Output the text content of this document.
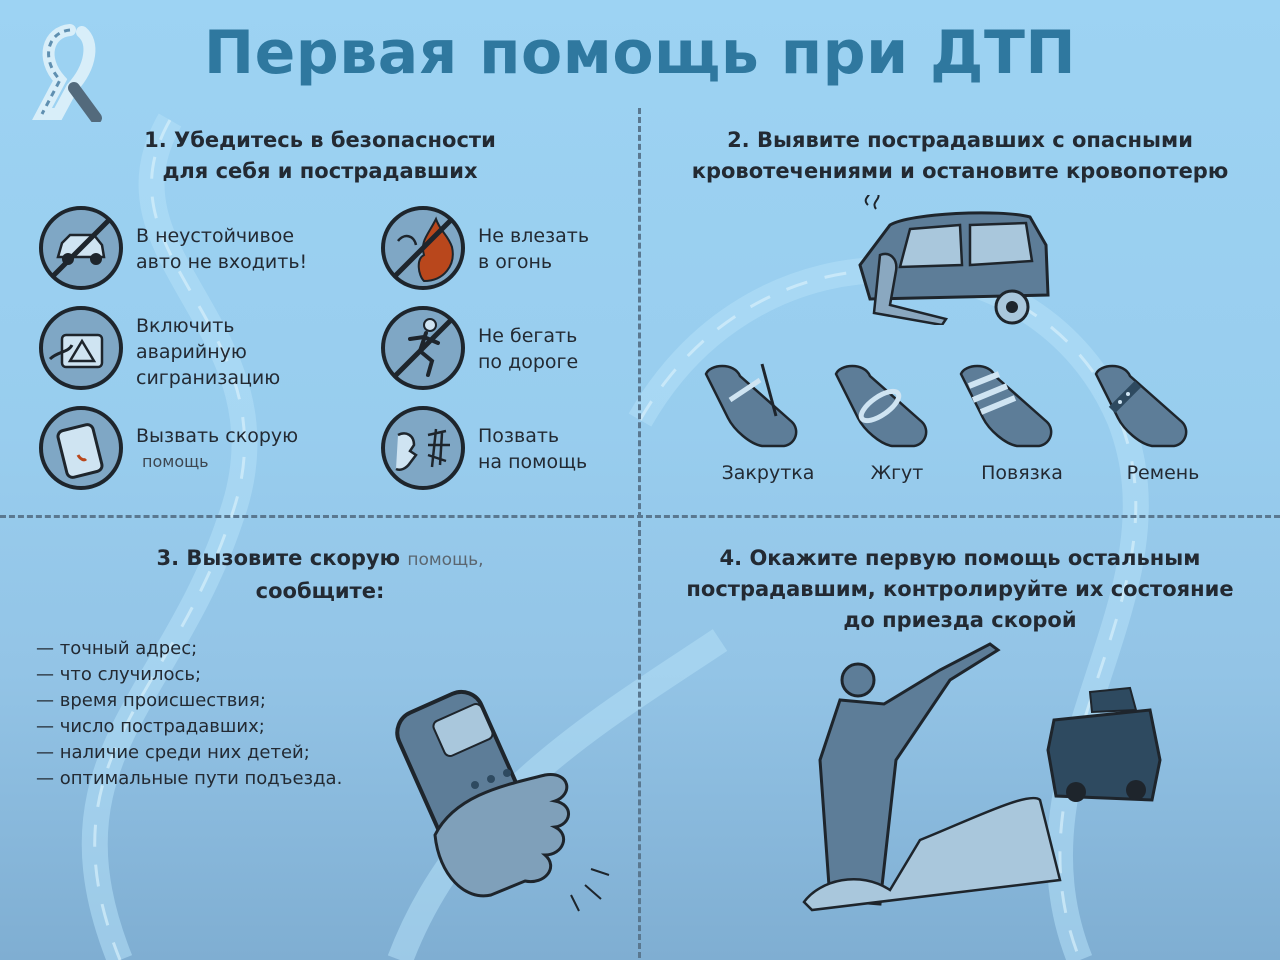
Первая помощь при ДТП
1. Убедитесь в безопасности
для себя и пострадавших
В неустойчивое
авто не входить!
Не влезать
в огонь
Включить
аварийную
сигранизацию
Не бегать
по дороге
Вызвать скорую
помощь
Позвать
на помощь
2. Выявите пострадавших с опасными
кровотечениями и остановите кровопотерю
Закрутка	Жгут	Повязка	Ремень
3. Вызовите скорую помощь,
сообщите:
— точный адрес;
— что случилось;
— время происшествия;
— число пострадавших;
— наличие среди них детей;
— оптимальные пути подъезда.
4. Окажите первую помощь остальным
пострадавшим, контролируйте их состояние
до приезда скорой
